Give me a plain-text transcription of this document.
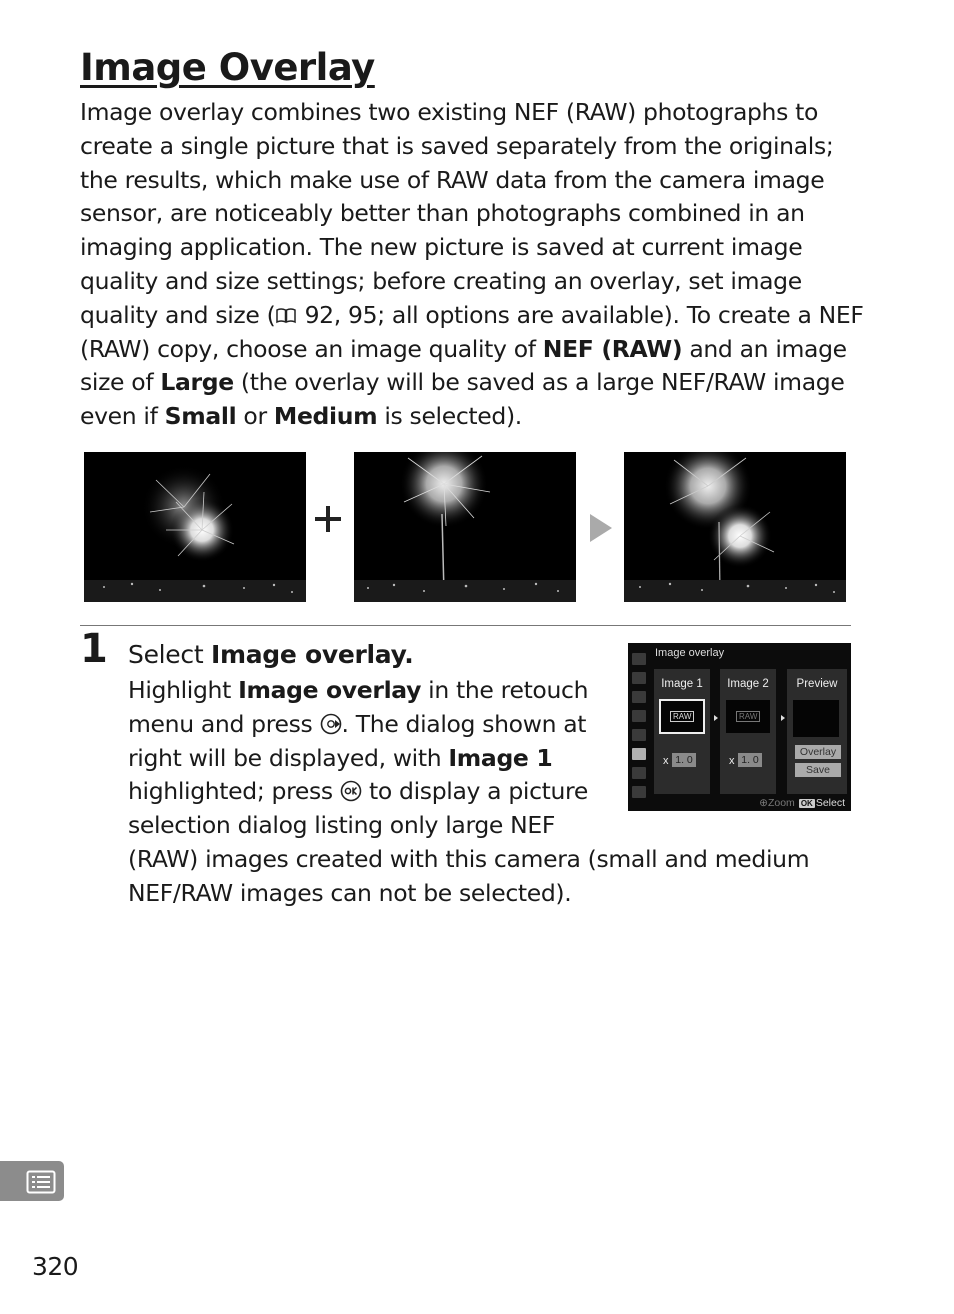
Image Overlay

Image overlay combines two existing NEF (RAW) photographs to create a single picture that is saved separately from the originals; the results, which make use of RAW data from the camera image sensor, are noticeably better than photographs combined in an imaging application. The new picture is saved at current image quality and size settings; before creating an overlay, set image quality and size ( 92, 95; all options are available). To create a NEF (RAW) copy, choose an image quality of NEF (RAW) and an image size of Large (the overlay will be saved as a large NEF/RAW image even if Small or Medium is selected).

1 Select Image overlay.

Highlight Image overlay in the retouch menu and press . The dialog shown at right will be displayed, with Image 1 highlighted; press  to display a picture selection dialog listing only large NEF (RAW) images created with this camera (small and medium NEF/RAW images can not be selected).

Image overlay
Image 1
RAW
x 1. 0
Image 2
RAW
x 1. 0
Preview
Overlay
Save
⊕Zoom OK Select
320
